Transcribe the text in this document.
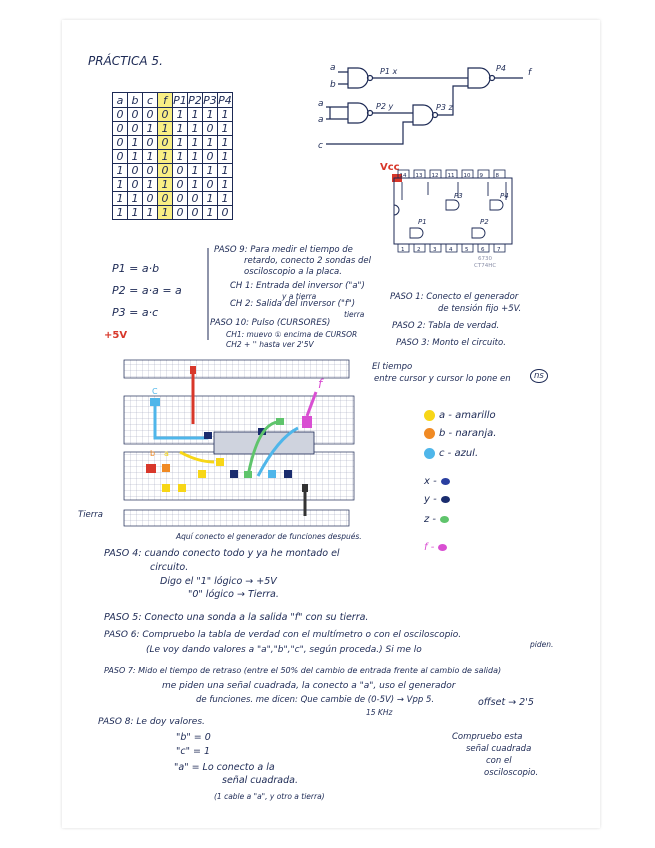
PRÁCTICA 5.
a	b	c	f	P1	P2	P3	P4
0	0	0	0	1	1	1	1
0	0	1	1	1	1	0	1
0	1	0	0	1	1	1	1
0	1	1	1	1	1	0	1
1	0	0	0	0	1	1	1
1	0	1	1	0	1	0	1
1	1	0	0	0	0	1	1
1	1	1	1	0	0	1	0
P1 = a·b
P2 = a·a = a
P3 = a·c
a
b
a
a
c
P1 x
P2 y	P3 z
P4 f
Vcc
14 13 12 11 10 9 8
1 2 3 4 5 6 7
P1
P3
P2
P4
6730
CT74HC
PASO 9: Para medir el tiempo de
retardo, conecto 2 sondas del
osciloscopio a la placa.
CH 1: Entrada del inversor ("a")
y a tierra
CH 2: Salida del inversor ("f")
tierra
PASO 10: Pulso (CURSORES)
CH1: muevo ① encima de CURSOR
CH2 + '' hasta ver 2'5V
PASO 1: Conecto el generador
de tensión fijo +5V.
PASO 2: Tabla de verdad.
PASO 3: Monto el circuito.
+5V
El tiempo
entre cursor y cursor lo pone en	ns
C
b a
f
Tierra
Aquí conecto el generador de funciones después.
a - amarillo
b - naranja.
c - azul.
x -
y -
z -
f -
PASO 4: cuando conecto todo y ya he montado el
circuito.
Digo el "1" lógico → +5V
"0" lógico → Tierra.
PASO 5: Conecto una sonda a la salida "f" con su tierra.
PASO 6: Compruebo la tabla de verdad con el multímetro o con el osciloscopio.
(Le voy dando valores a "a","b","c", según proceda.) Si me lo
piden.
PASO 7: Mido el tiempo de retraso (entre el 50% del cambio de entrada frente al cambio de salida)
me piden una señal cuadrada, la conecto a "a", uso el generador
de funciones. me dicen: Que cambie de (0-5V) → Vpp 5.	offset → 2'5
15 KHz
PASO 8: Le doy valores.
"b" = 0
"c" = 1
"a" = Lo conecto a la
señal cuadrada.
(1 cable a "a", y otro a tierra)
Compruebo esta
señal cuadrada
con el
osciloscopio.
